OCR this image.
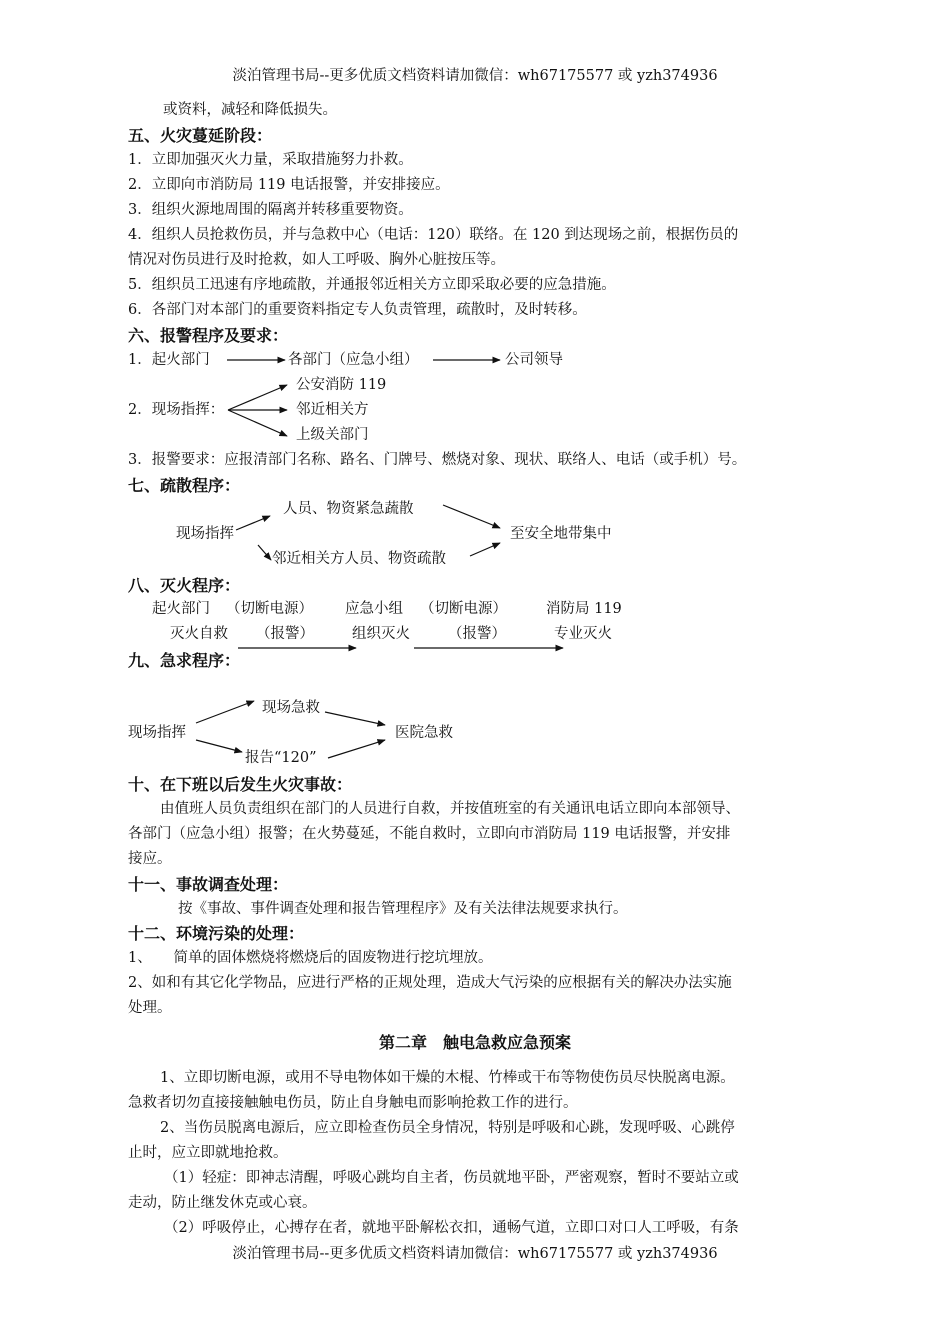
淡泊管理书局--更多优质文档资料请加微信：wh67175577 或 yzh374936
或资料，减轻和降低损失。
五、火灾蔓延阶段：
1．立即加强灭火力量，采取措施努力扑救。
2．立即向市消防局 119 电话报警，并安排接应。
3．组织火源地周围的隔离并转移重要物资。
4．组织人员抢救伤员，并与急救中心（电话：120）联络。在 120 到达现场之前，根据伤员的
情况对伤员进行及时抢救，如人工呼吸、胸外心脏按压等。
5．组织员工迅速有序地疏散，并通报邻近相关方立即采取必要的应急措施。
6．各部门对本部门的重要资料指定专人负责管理，疏散时，及时转移。
六、报警程序及要求：
1．起火部门	各部门（应急小组）	公司领导
2．现场指挥：
公安消防 119
邻近相关方
上级关部门
3．报警要求：应报清部门名称、路名、门牌号、燃烧对象、现状、联络人、电话（或手机）号。
七、疏散程序：
现场指挥
人员、物资紧急蔬散
邻近相关方人员、物资疏散
至安全地带集中
八、灭火程序：
起火部门 （切断电源） 应急小组 （切断电源）	消防局 119
灭火自救 （报警）	组织灭火	（报警）	专业灭火
九、急求程序：
现场指挥
现场急救
报告“120”
医院急救
十、在下班以后发生火灾事故：
由值班人员负责组织在部门的人员进行自救，并按值班室的有关通讯电话立即向本部领导、
各部门（应急小组）报警；在火势蔓延，不能自救时，立即向市消防局 119 电话报警，并安排
接应。
十一、事故调查处理：
按《事故、事件调查处理和报告管理程序》及有关法律法规要求执行。
十二、环境污染的处理：
1、　　简单的固体燃烧将燃烧后的固废物进行挖坑埋放。
2、如和有其它化学物品，应进行严格的正规处理，造成大气污染的应根据有关的解决办法实施
处理。
第二章　触电急救应急预案
1、立即切断电源，或用不导电物体如干燥的木棍、竹棒或干布等物使伤员尽快脱离电源。
急救者切勿直接接触触电伤员，防止自身触电而影响抢救工作的进行。
2、当伤员脱离电源后，应立即检查伤员全身情况，特别是呼吸和心跳，发现呼吸、心跳停
止时，应立即就地抢救。
（1）轻症：即神志清醒，呼吸心跳均自主者，伤员就地平卧，严密观察，暂时不要站立或
走动，防止继发休克或心衰。
（2）呼吸停止，心搏存在者，就地平卧解松衣扣，通畅气道，立即口对口人工呼吸，有条
淡泊管理书局--更多优质文档资料请加微信：wh67175577 或 yzh374936
